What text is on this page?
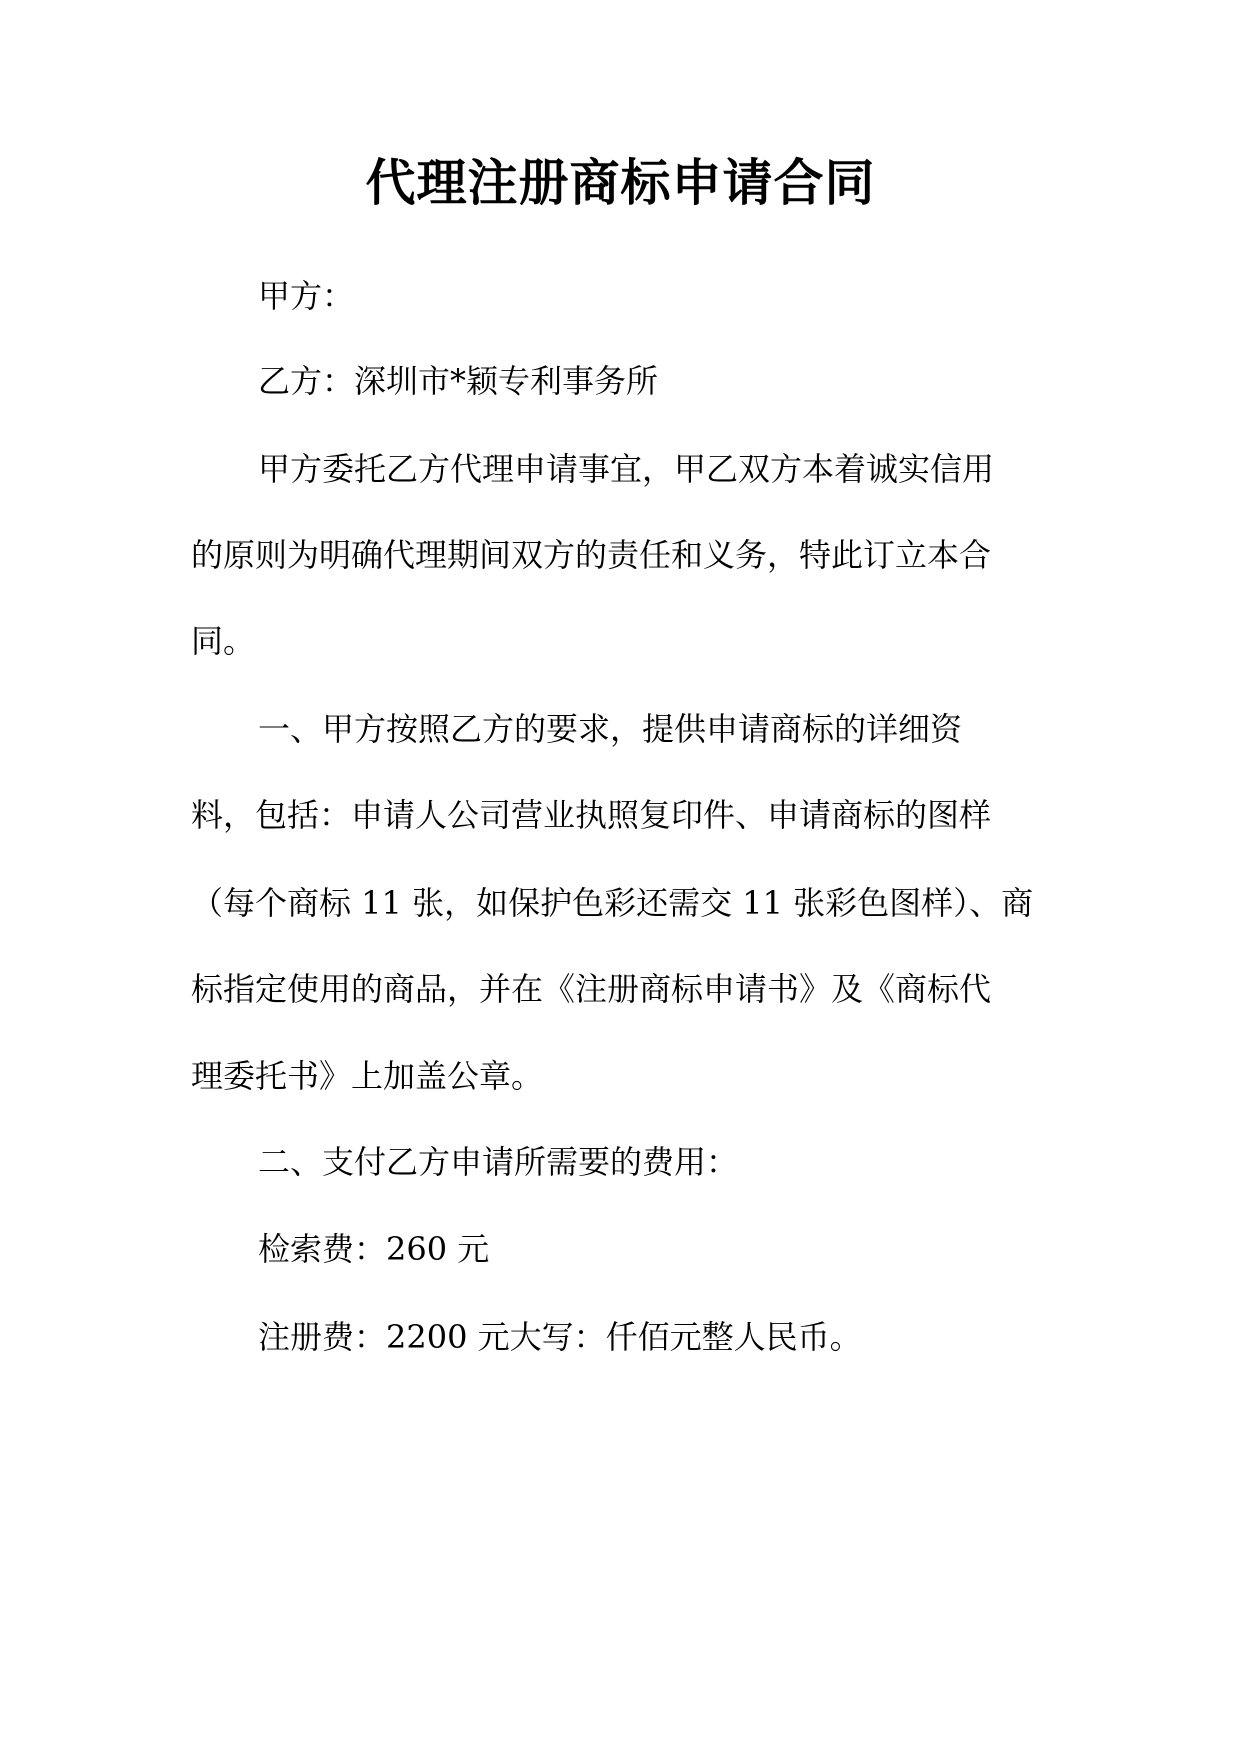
代理注册商标申请合同
甲方：
乙方：深圳市*颖专利事务所
甲方委托乙方代理申请事宜，甲乙双方本着诚实信用
的原则为明确代理期间双方的责任和义务，特此订立本合
同。
一、甲方按照乙方的要求，提供申请商标的详细资
料，包括：申请人公司营业执照复印件、申请商标的图样
（每个商标 11 张，如保护色彩还需交 11 张彩色图样）、商
标指定使用的商品，并在《注册商标申请书》及《商标代
理委托书》上加盖公章。
二、支付乙方申请所需要的费用：
检索费：260 元
注册费：2200 元大写：仟佰元整人民币。
